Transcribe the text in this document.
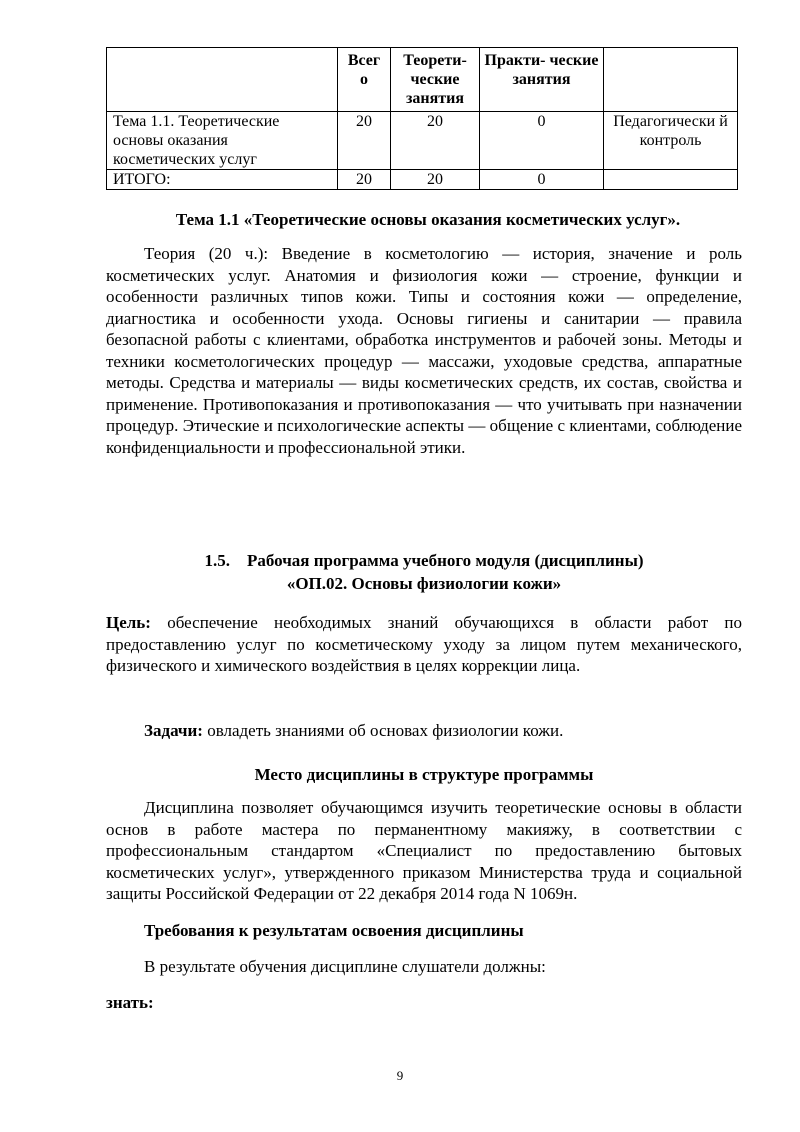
	Всег о	Теорети- ческие занятия	Практи- ческие занятия	
Тема 1.1. Теоретические основы оказания косметических услуг	20	20	0	Педагогически й контроль
ИТОГО:	20	20	0	

Тема 1.1 «Теоретические основы оказания косметических услуг».

Теория (20 ч.): Введение в косметологию — история, значение и роль косметических услуг. Анатомия и физиология кожи — строение, функции и особенности различных типов кожи. Типы и состояния кожи — определение, диагностика и особенности ухода. Основы гигиены и санитарии — правила безопасной работы с клиентами, обработка инструментов и рабочей зоны. Методы и техники косметологических процедур — массажи, уходовые средства, аппаратные методы. Средства и материалы — виды косметических средств, их состав, свойства и применение. Противопоказания и противопоказания — что учитывать при назначении процедур. Этические и психологические аспекты — общение с клиентами, соблюдение конфиденциальности и профессиональной этики.

1.5.    Рабочая программа учебного модуля (дисциплины)

«ОП.02. Основы физиологии кожи»

Цель: обеспечение необходимых знаний обучающихся в области работ по предоставлению услуг по косметическому уходу за лицом путем механического, физического и химического воздействия в целях коррекции лица.

Задачи: овладеть знаниями об основах физиологии кожи.

Место дисциплины в структуре программы

Дисциплина позволяет обучающимся изучить теоретические основы в области основ в работе мастера по перманентному макияжу, в соответствии с профессиональным стандартом «Специалист по предоставлению бытовых косметических услуг», утвержденного приказом Министерства труда и социальной защиты Российской Федерации от 22 декабря 2014 года N 1069н.

Требования к результатам освоения дисциплины

В результате обучения дисциплине слушатели должны:

знать:

9
